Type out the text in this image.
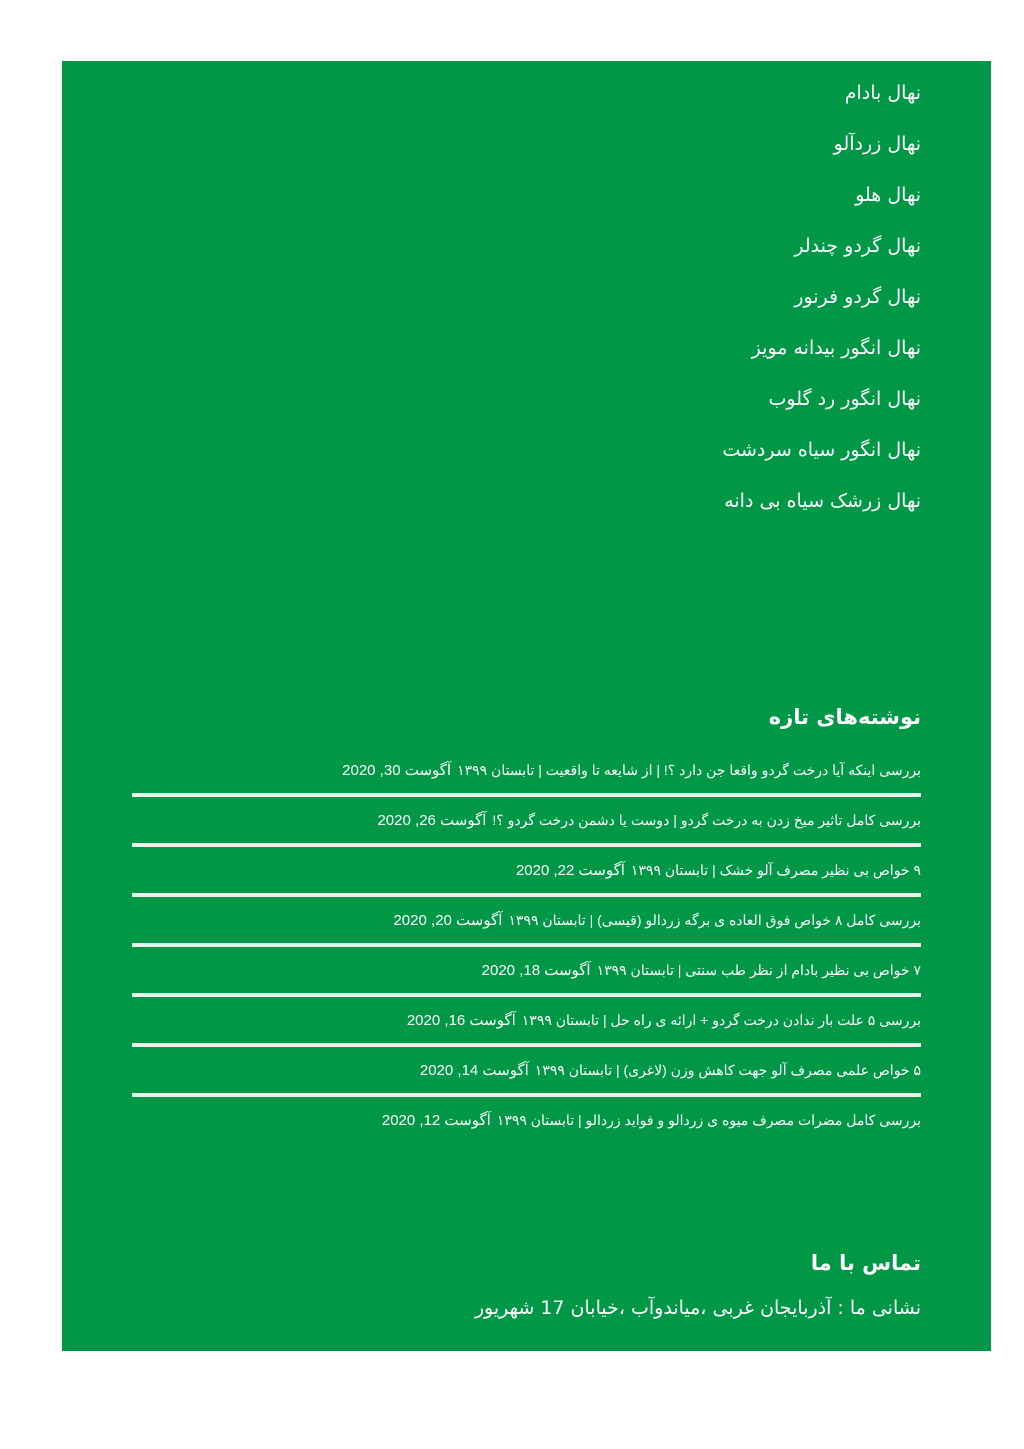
نهال بادام
نهال زردآلو
نهال هلو
نهال گردو چندلر
نهال گردو فرنور
نهال انگور بیدانه مویز
نهال انگور رد گلوب
نهال انگور سیاه سردشت
نهال زرشک سیاه بی دانه
نوشته‌های تازه
بررسی اینکه آیا درخت گردو واقعا جن دارد ؟! | از شایعه تا واقعیت | تابستان ۱۳۹۹
آگوست 30, 2020
بررسی کامل تاثیر میخ زدن به درخت گردو | دوست یا دشمن درخت گردو ؟!
آگوست 26, 2020
۹ خواص بی نظیر مصرف آلو خشک | تابستان ۱۳۹۹
آگوست 22, 2020
بررسی کامل ۸ خواص فوق العاده ی برگه زردالو (قیسی) | تابستان ۱۳۹۹
آگوست 20, 2020
۷ خواص بی نظیر بادام از نظر طب سنتی | تابستان ۱۳۹۹
آگوست 18, 2020
بررسی ۵ علت بار ندادن درخت گردو + ارائه ی راه حل | تابستان ۱۳۹۹
آگوست 16, 2020
۵ خواص علمی مصرف آلو جهت کاهش وزن (لاغری) | تابستان ۱۳۹۹
آگوست 14, 2020
بررسی کامل مضرات مصرف میوه ی زردالو و فواید زردالو | تابستان ۱۳۹۹
آگوست 12, 2020
تماس با ما

نشانی ما : آذربایجان غربی ،میاندوآب ،خیابان 17 شهریور
